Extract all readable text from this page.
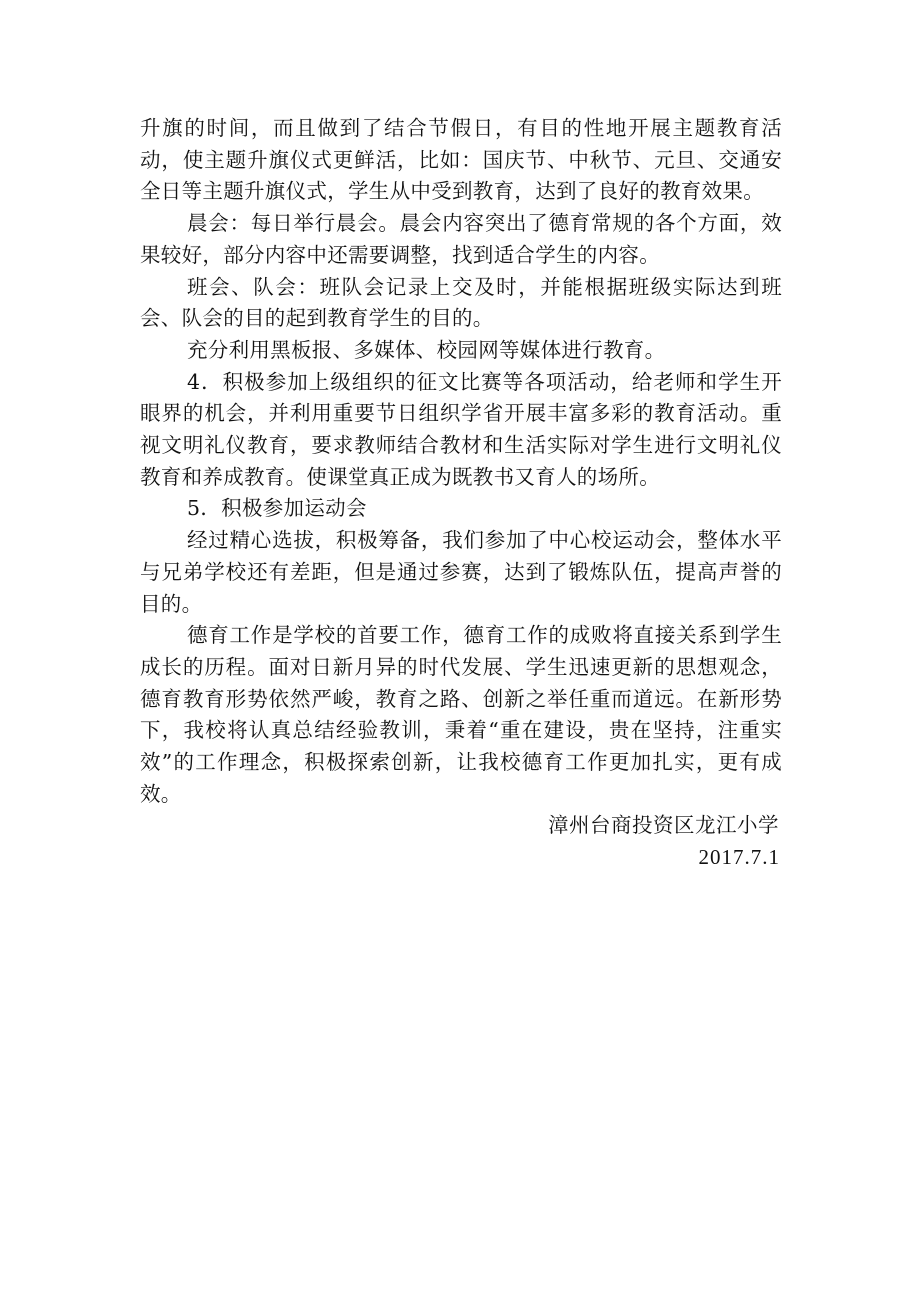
升旗的时间，而且做到了结合节假日，有目的性地开展主题教育活动，使主题升旗仪式更鲜活，比如：国庆节、中秋节、元旦、交通安全日等主题升旗仪式，学生从中受到教育，达到了良好的教育效果。

晨会：每日举行晨会。晨会内容突出了德育常规的各个方面，效果较好，部分内容中还需要调整，找到适合学生的内容。

班会、队会：班队会记录上交及时，并能根据班级实际达到班会、队会的目的起到教育学生的目的。

充分利用黑板报、多媒体、校园网等媒体进行教育。

4．积极参加上级组织的征文比赛等各项活动，给老师和学生开眼界的机会，并利用重要节日组织学省开展丰富多彩的教育活动。重视文明礼仪教育，要求教师结合教材和生活实际对学生进行文明礼仪教育和养成教育。使课堂真正成为既教书又育人的场所。

5．积极参加运动会

经过精心选拔，积极筹备，我们参加了中心校运动会，整体水平与兄弟学校还有差距，但是通过参赛，达到了锻炼队伍，提高声誉的目的。

德育工作是学校的首要工作，德育工作的成败将直接关系到学生成长的历程。面对日新月异的时代发展、学生迅速更新的思想观念，德育教育形势依然严峻，教育之路、创新之举任重而道远。在新形势下，我校将认真总结经验教训，秉着“重在建设，贵在坚持，注重实效”的工作理念，积极探索创新，让我校德育工作更加扎实，更有成效。

漳州台商投资区龙江小学

2017.7.1
